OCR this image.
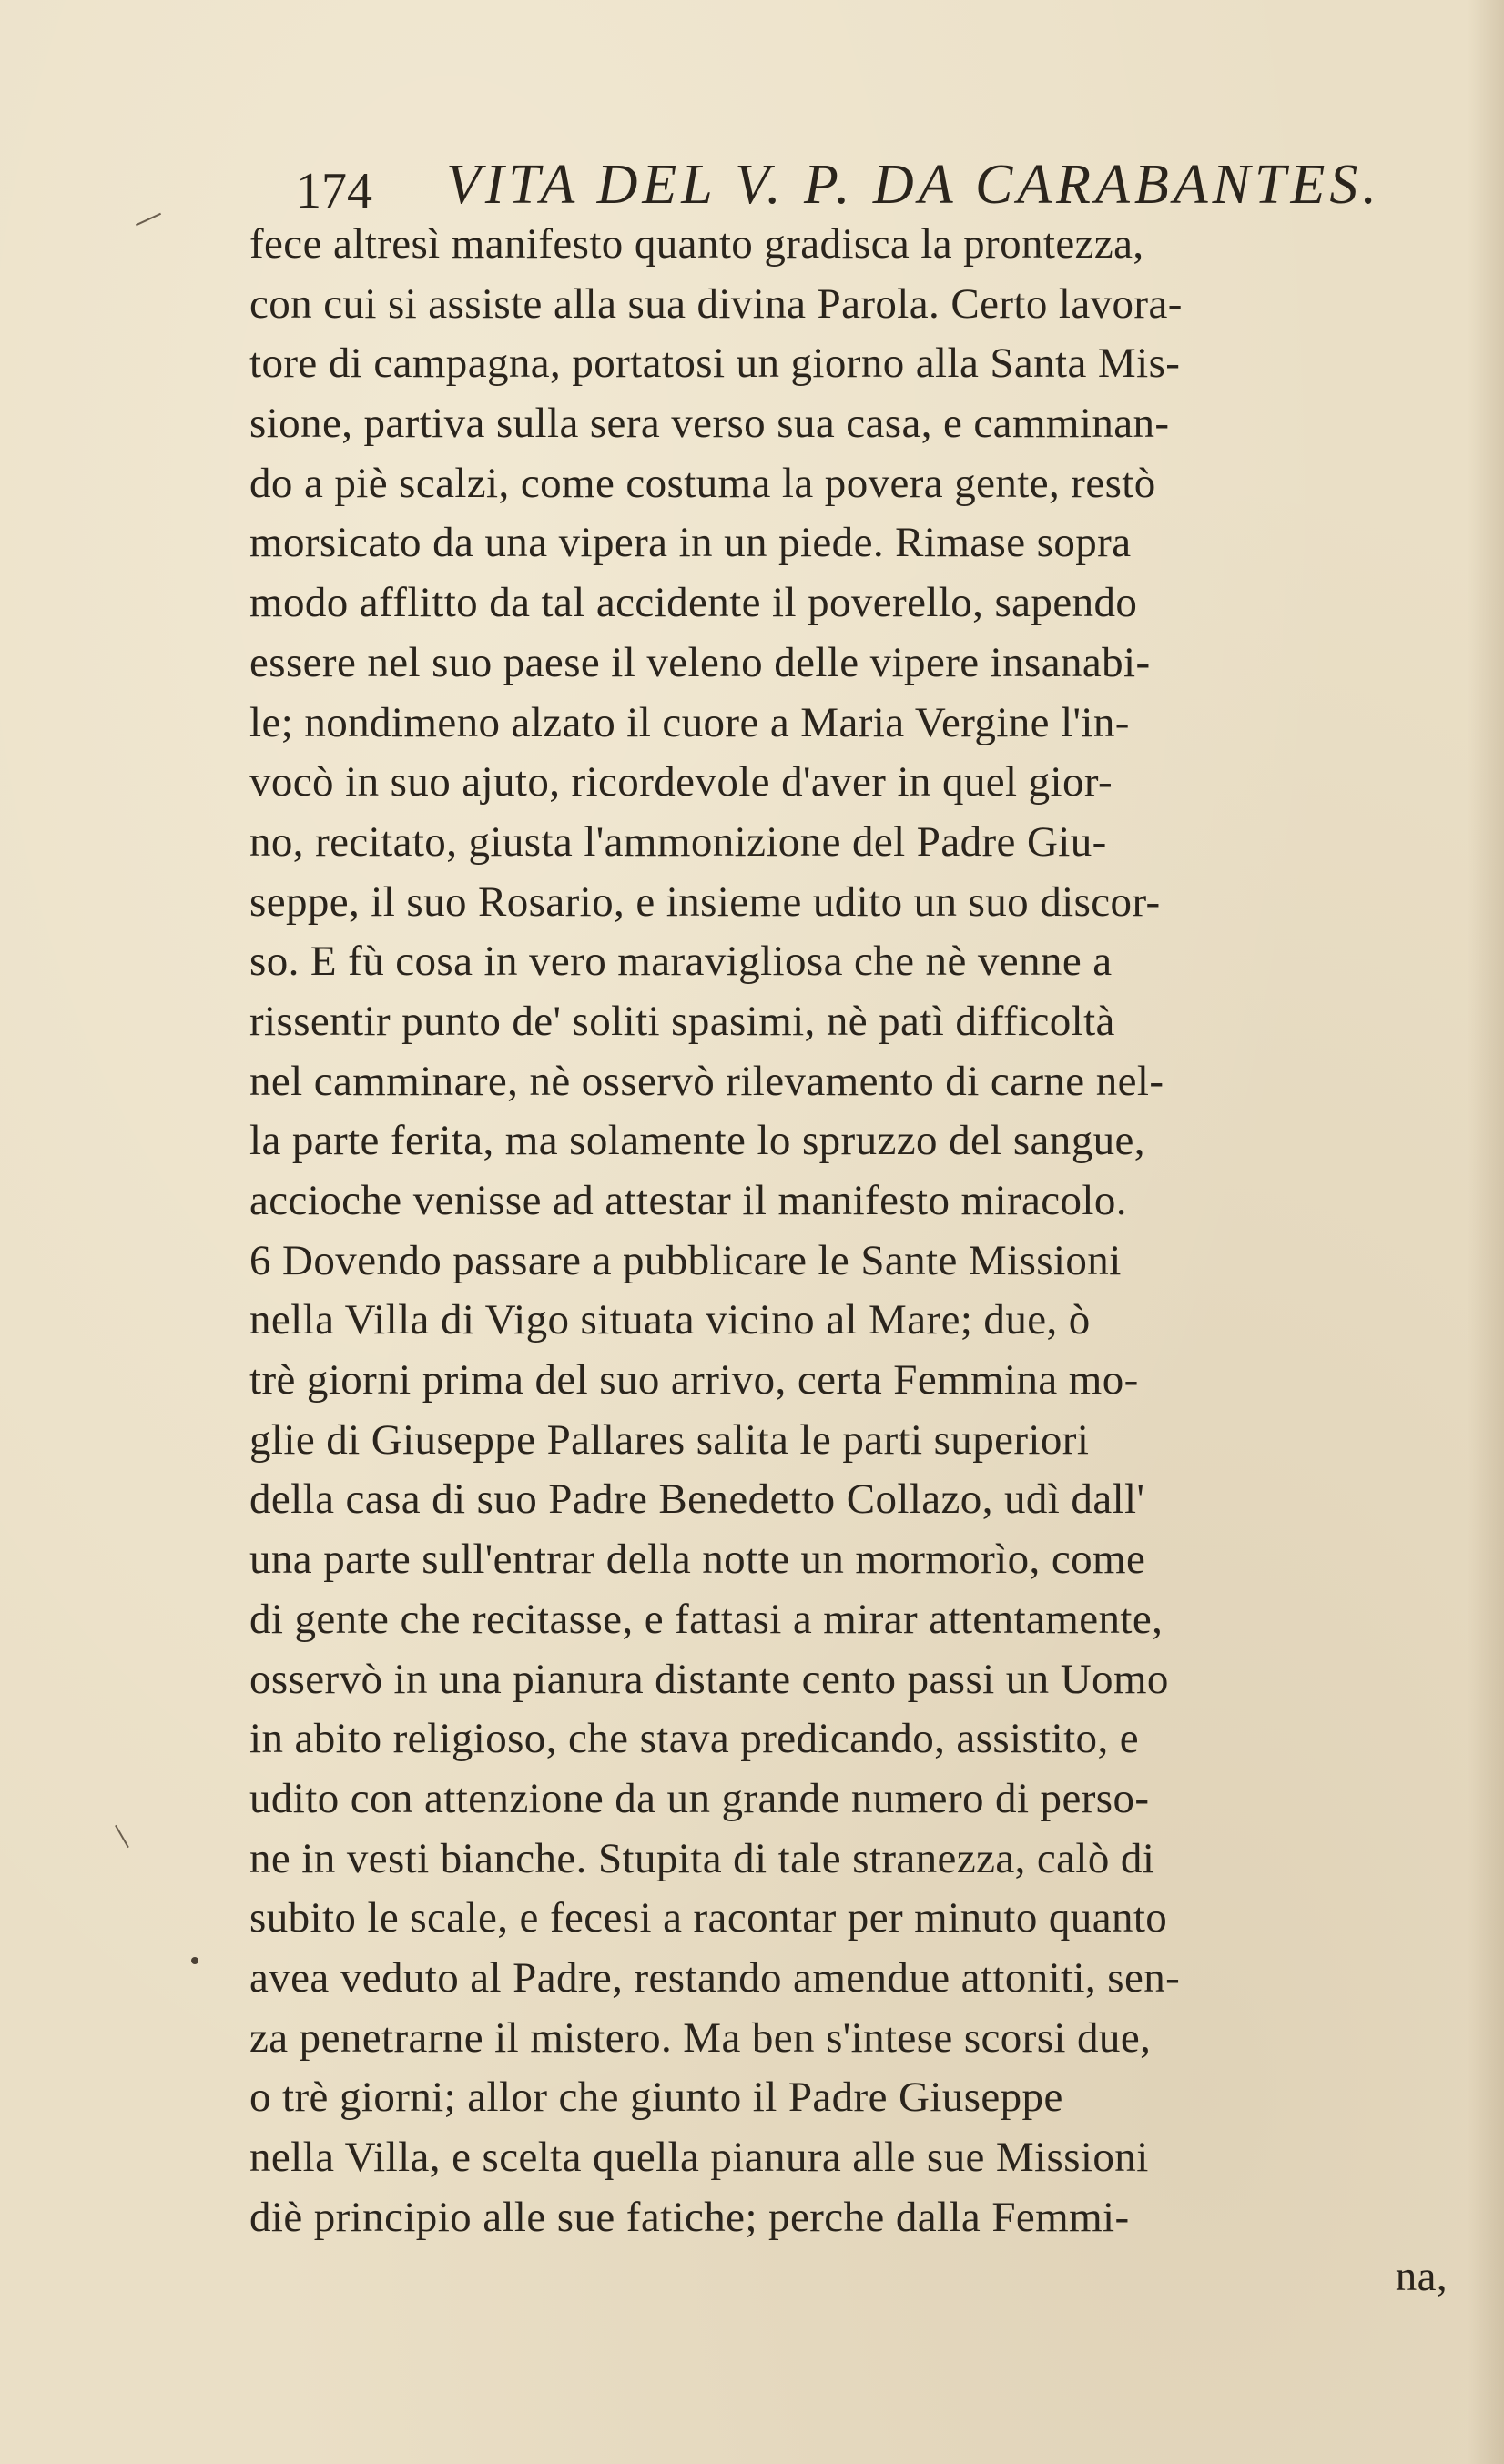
174 VITA DEL V. P. DA CARABANTES.
fece altresì manifesto quanto gradisca la prontezza,
con cui si assiste alla sua divina Parola. Certo lavora-
tore di campagna, portatosi un giorno alla Santa Mis-
sione, partiva sulla sera verso sua casa, e camminan-
do a piè scalzi, come costuma la povera gente, restò
morsicato da una vipera in un piede. Rimase sopra
modo afflitto da tal accidente il poverello, sapendo
essere nel suo paese il veleno delle vipere insanabi-
le; nondimeno alzato il cuore a Maria Vergine l'in-
vocò in suo ajuto, ricordevole d'aver in quel gior-
no, recitato, giusta l'ammonizione del Padre Giu-
seppe, il suo Rosario, e insieme udito un suo discor-
so. E fù cosa in vero maravigliosa che nè venne a
rissentir punto de' soliti spasimi, nè patì difficoltà
nel camminare, nè osservò rilevamento di carne nel-
la parte ferita, ma solamente lo spruzzo del sangue,
accioche venisse ad attestar il manifesto miracolo.
6 Dovendo passare a pubblicare le Sante Missioni
nella Villa di Vigo situata vicino al Mare; due, ò
trè giorni prima del suo arrivo, certa Femmina mo-
glie di Giuseppe Pallares salita le parti superiori
della casa di suo Padre Benedetto Collazo, udì dall'
una parte sull'entrar della notte un mormorìo, come
di gente che recitasse, e fattasi a mirar attentamente,
osservò in una pianura distante cento passi un Uomo
in abito religioso, che stava predicando, assistito, e
udito con attenzione da un grande numero di perso-
ne in vesti bianche. Stupita di tale stranezza, calò di
subito le scale, e fecesi a racontar per minuto quanto
avea veduto al Padre, restando amendue attoniti, sen-
za penetrarne il mistero. Ma ben s'intese scorsi due,
o trè giorni; allor che giunto il Padre Giuseppe
nella Villa, e scelta quella pianura alle sue Missioni
diè principio alle sue fatiche; perche dalla Femmi-
na,
